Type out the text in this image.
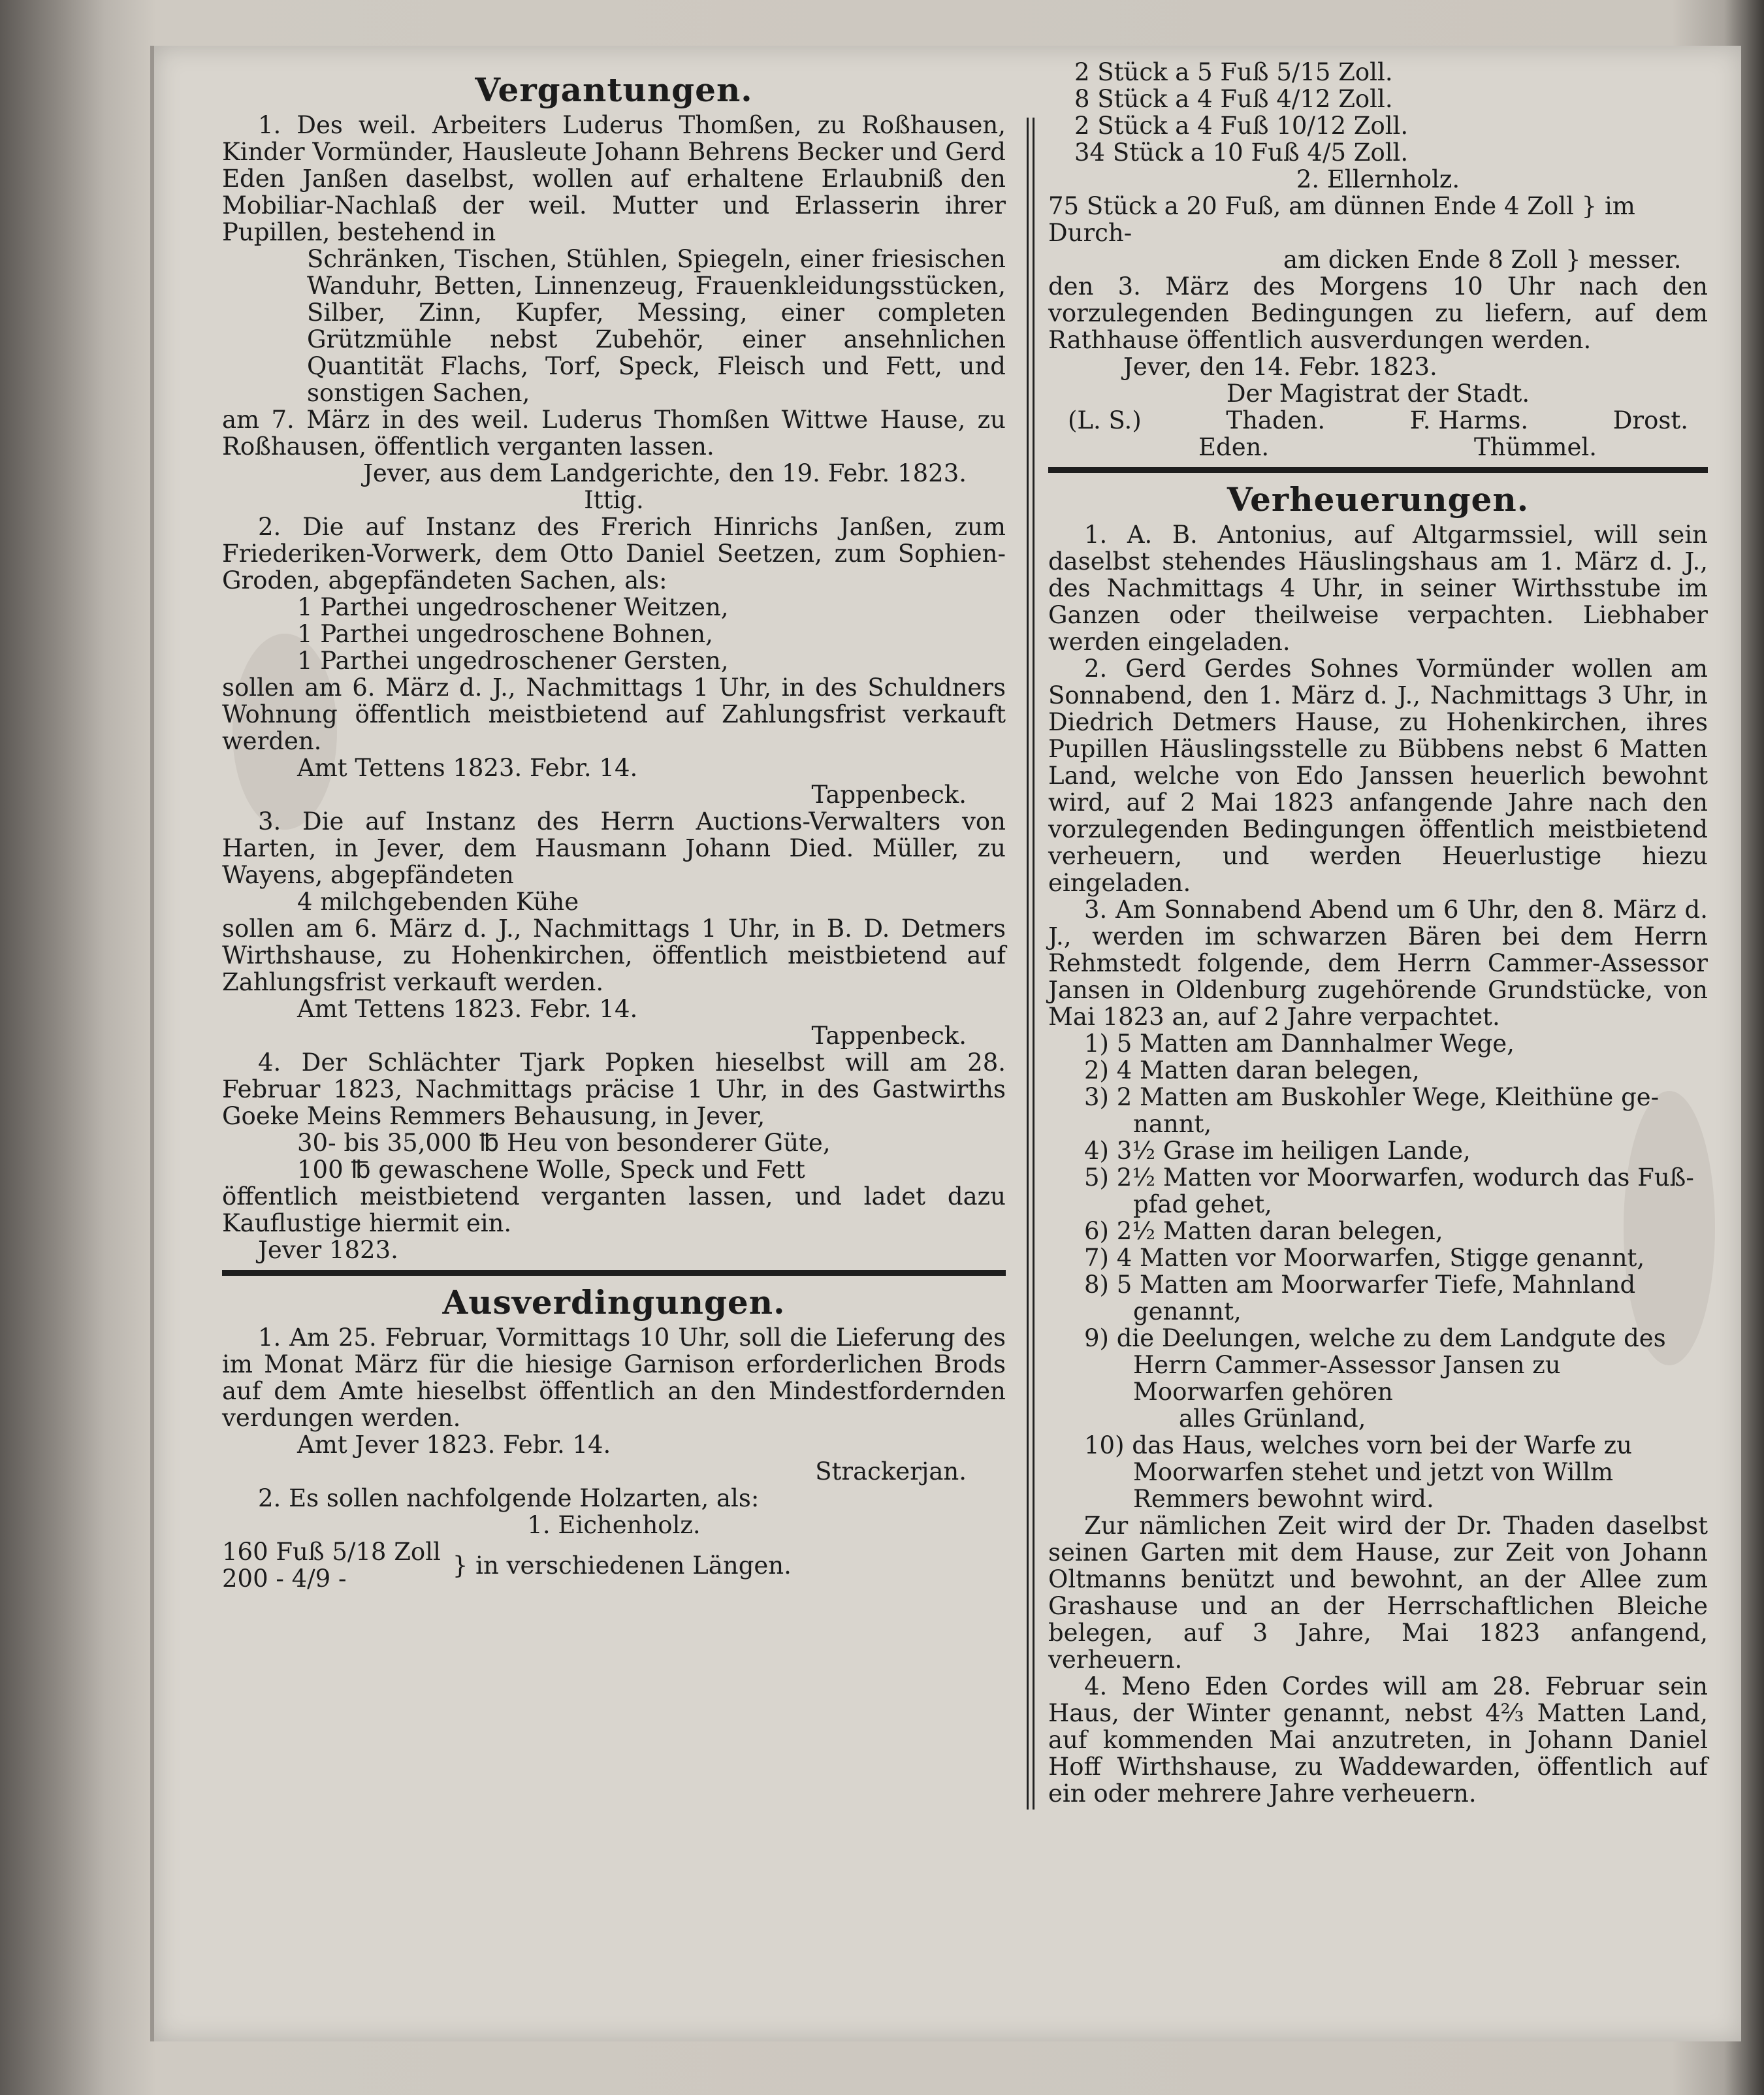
Vergantungen.

1. Des weil. Arbeiters Luderus Thomßen, zu Roßhausen, Kinder Vormünder, Hausleute Johann Behrens Becker und Gerd Eden Janßen daselbst, wollen auf erhaltene Erlaubniß den Mobiliar-Nachlaß der weil. Mutter und Erlasserin ihrer Pupillen, bestehend in

Schränken, Tischen, Stühlen, Spiegeln, einer friesischen Wanduhr, Betten, Linnenzeug, Frauenkleidungsstücken, Silber, Zinn, Kupfer, Messing, einer completen Grützmühle nebst Zubehör, einer ansehnlichen Quantität Flachs, Torf, Speck, Fleisch und Fett, und sonstigen Sachen,

am 7. März in des weil. Luderus Thomßen Wittwe Hause, zu Roßhausen, öffentlich verganten lassen.

Jever, aus dem Landgerichte, den 19. Febr. 1823.

Ittig.

2. Die auf Instanz des Frerich Hinrichs Janßen, zum Friederiken-Vorwerk, dem Otto Daniel Seetzen, zum Sophien-Groden, abgepfändeten Sachen, als:

1 Parthei ungedroschener Weitzen,

1 Parthei ungedroschene Bohnen,

1 Parthei ungedroschener Gersten,

sollen am 6. März d. J., Nachmittags 1 Uhr, in des Schuldners Wohnung öffentlich meistbietend auf Zahlungsfrist verkauft werden.

Amt Tettens 1823. Febr. 14.

Tappenbeck.

3. Die auf Instanz des Herrn Auctions-Verwalters von Harten, in Jever, dem Hausmann Johann Died. Müller, zu Wayens, abgepfändeten

4 milchgebenden Kühe

sollen am 6. März d. J., Nachmittags 1 Uhr, in B. D. Detmers Wirthshause, zu Hohenkirchen, öffentlich meistbietend auf Zahlungsfrist verkauft werden.

Amt Tettens 1823. Febr. 14.

Tappenbeck.

4. Der Schlächter Tjark Popken hieselbst will am 28. Februar 1823, Nachmittags präcise 1 Uhr, in des Gastwirths Goeke Meins Remmers Behausung, in Jever,

30- bis 35,000 ℔ Heu von besonderer Güte,

100 ℔ gewaschene Wolle, Speck und Fett

öffentlich meistbietend verganten lassen, und ladet dazu Kauflustige hiermit ein.

Jever 1823.

Ausverdingungen.

1. Am 25. Februar, Vormittags 10 Uhr, soll die Lieferung des im Monat März für die hiesige Garnison erforderlichen Brods auf dem Amte hieselbst öffentlich an den Mindestfordernden verdungen werden.

Amt Jever 1823. Febr. 14.

Strackerjan.

2. Es sollen nachfolgende Holzarten, als:

1. Eichenholz.

160 Fuß 5/18 Zoll

200 - 4/9 -	} in verschiedenen Längen.

2 Stück a 5 Fuß 5/15 Zoll.

8 Stück a 4 Fuß 4/12 Zoll.

2 Stück a 4 Fuß 10/12 Zoll.

34 Stück a 10 Fuß 4/5 Zoll.

2. Ellernholz.

75 Stück a 20 Fuß, am dünnen Ende 4 Zoll } im Durch-

am dicken Ende 8 Zoll } messer.

den 3. März des Morgens 10 Uhr nach den vorzulegenden Bedingungen zu liefern, auf dem Rathhause öffentlich ausverdungen werden.

Jever, den 14. Febr. 1823.

Der Magistrat der Stadt.

(L. S.)	Thaden.	F. Harms.	Drost.
Eden.	Thümmel.
Verheuerungen.

1. A. B. Antonius, auf Altgarmssiel, will sein daselbst stehendes Häuslingshaus am 1. März d. J., des Nachmittags 4 Uhr, in seiner Wirthsstube im Ganzen oder theilweise verpachten. Liebhaber werden eingeladen.

2. Gerd Gerdes Sohnes Vormünder wollen am Sonnabend, den 1. März d. J., Nachmittags 3 Uhr, in Diedrich Detmers Hause, zu Hohenkirchen, ihres Pupillen Häuslingsstelle zu Bübbens nebst 6 Matten Land, welche von Edo Janssen heuerlich bewohnt wird, auf 2 Mai 1823 anfangende Jahre nach den vorzulegenden Bedingungen öffentlich meistbietend verheuern, und werden Heuerlustige hiezu eingeladen.

3. Am Sonnabend Abend um 6 Uhr, den 8. März d. J., werden im schwarzen Bären bei dem Herrn Rehmstedt folgende, dem Herrn Cammer-Assessor Jansen in Oldenburg zugehörende Grundstücke, von Mai 1823 an, auf 2 Jahre verpachtet.

1) 5 Matten am Dannhalmer Wege,

2) 4 Matten daran belegen,

3) 2 Matten am Buskohler Wege, Kleithüne ge-

nannt,

4) 3½ Grase im heiligen Lande,

5) 2½ Matten vor Moorwarfen, wodurch das Fuß-

pfad gehet,

6) 2½ Matten daran belegen,

7) 4 Matten vor Moorwarfen, Stigge genannt,

8) 5 Matten am Moorwarfer Tiefe, Mahnland

genannt,

9) die Deelungen, welche zu dem Landgute des

Herrn Cammer-Assessor Jansen zu Moorwarfen gehören

alles Grünland,

10) das Haus, welches vorn bei der Warfe zu

Moorwarfen stehet und jetzt von Willm Remmers bewohnt wird.

Zur nämlichen Zeit wird der Dr. Thaden daselbst seinen Garten mit dem Hause, zur Zeit von Johann Oltmanns benützt und bewohnt, an der Allee zum Grashause und an der Herrschaftlichen Bleiche belegen, auf 3 Jahre, Mai 1823 anfangend, verheuern.

4. Meno Eden Cordes will am 28. Februar sein Haus, der Winter genannt, nebst 4⅔ Matten Land, auf kommenden Mai anzutreten, in Johann Daniel Hoff Wirthshause, zu Waddewarden, öffentlich auf ein oder mehrere Jahre verheuern.
